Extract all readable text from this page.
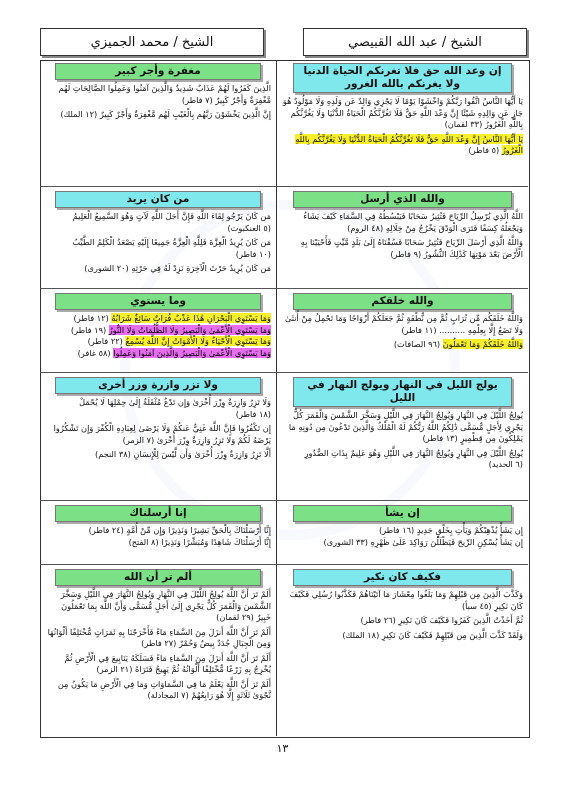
الشيخ / عبد الله القبيصي
الشيخ / محمد الجميزي
إن وعد الله حق فلا تغرنكم الحياة الدنيا ولا يغرنكم بالله الغرور

يَا أَيُّهَا النَّاسُ اتَّقُوا رَبَّكُمْ وَاخْشَوْا يَوْمًا لَا يَجْزِي وَالِدٌ عَن وَلَدِهِ وَلَا مَوْلُودٌ هُوَ جَازٍ عَن وَالِدِهِ شَيْئًا إِنَّ وَعْدَ اللَّهِ حَقٌّ فَلَا تَغُرَّنَّكُمُ الْحَيَاةُ الدُّنْيَا وَلَا يَغُرَّنَّكُم بِاللَّهِ الْغَرُورُ (٣٣ لقمان)

يَا أَيُّهَا النَّاسُ إِنَّ وَعْدَ اللَّهِ حَقٌّ فَلَا تَغُرَّنَّكُمُ الْحَيَاةُ الدُّنْيَا وَلَا يَغُرَّنَّكُم بِاللَّهِ الْغَرُورُ (٥ فاطر)

مغفرة وأجر كبير

الَّذِينَ كَفَرُوا لَهُمْ عَذَابٌ شَدِيدٌ وَالَّذِينَ آمَنُوا وَعَمِلُوا الصَّالِحَاتِ لَهُم مَّغْفِرَةٌ وَأَجْرٌ كَبِيرٌ (٧ فاطر)

إِنَّ الَّذِينَ يَخْشَوْنَ رَبَّهُم بِالْغَيْبِ لَهُم مَّغْفِرَةٌ وَأَجْرٌ كَبِيرٌ (١٢ الملك)

والله الذي أرسل

اللَّهُ الَّذِي يُرْسِلُ الرِّيَاحَ فَتُثِيرُ سَحَابًا فَيَبْسُطُهُ فِي السَّمَاءِ كَيْفَ يَشَاءُ وَيَجْعَلُهُ كِسَفًا فَتَرَى الْوَدْقَ يَخْرُجُ مِنْ خِلَالِهِ (٤٨ الروم)

وَاللَّهُ الَّذِي أَرْسَلَ الرِّيَاحَ فَتُثِيرُ سَحَابًا فَسُقْنَاهُ إِلَىٰ بَلَدٍ مَّيِّتٍ فَأَحْيَيْنَا بِهِ الْأَرْضَ بَعْدَ مَوْتِهَا كَذَٰلِكَ النُّشُورُ (٩ فاطر)

من كان يريد

مَن كَانَ يَرْجُو لِقَاءَ اللَّهِ فَإِنَّ أَجَلَ اللَّهِ لَآتٍ وَهُوَ السَّمِيعُ الْعَلِيمُ (٥ العنكبوت)

مَن كَانَ يُرِيدُ الْعِزَّةَ فَلِلَّهِ الْعِزَّةُ جَمِيعًا إِلَيْهِ يَصْعَدُ الْكَلِمُ الطَّيِّبُ (١٠ فاطر)

مَن كَانَ يُرِيدُ حَرْثَ الْآخِرَةِ نَزِدْ لَهُ فِي حَرْثِهِ (٢٠ الشورى)

والله خلقكم

وَاللَّهُ خَلَقَكُم مِّن تُرَابٍ ثُمَّ مِن نُّطْفَةٍ ثُمَّ جَعَلَكُمْ أَزْوَاجًا وَمَا تَحْمِلُ مِنْ أُنثَىٰ وَلَا تَضَعُ إِلَّا بِعِلْمِهِ .......... (١١ فاطر)

وَاللَّهُ خَلَقَكُمْ وَمَا تَعْمَلُونَ (٩٦ الصافات)

وما يستوي

وَمَا يَسْتَوِي الْبَحْرَانِ هَٰذَا عَذْبٌ فُرَاتٌ سَائِغٌ شَرَابُهُ (١٢ فاطر)

وَمَا يَسْتَوِي الْأَعْمَىٰ وَالْبَصِيرُ وَلَا الظُّلُمَاتُ وَلَا النُّورُ (١٩ فاطر)

وَمَا يَسْتَوِي الْأَحْيَاءُ وَلَا الْأَمْوَاتُ إِنَّ اللَّهَ يُسْمِعُ (٢٢ فاطر)

وَمَا يَسْتَوِي الْأَعْمَىٰ وَالْبَصِيرُ وَالَّذِينَ آمَنُوا وَعَمِلُوا (٥٨ غافر)

يولج الليل في النهار ويولج النهار في الليل

يُولِجُ اللَّيْلَ فِي النَّهَارِ وَيُولِجُ النَّهَارَ فِي اللَّيْلِ وَسَخَّرَ الشَّمْسَ وَالْقَمَرَ كُلٌّ يَجْرِي لِأَجَلٍ مُّسَمًّى ذَٰلِكُمُ اللَّهُ رَبُّكُمْ لَهُ الْمُلْكُ وَالَّذِينَ تَدْعُونَ مِن دُونِهِ مَا يَمْلِكُونَ مِن قِطْمِيرٍ (١٣ فاطر)

يُولِجُ اللَّيْلَ فِي النَّهَارِ وَيُولِجُ النَّهَارَ فِي اللَّيْلِ وَهُوَ عَلِيمٌ بِذَاتِ الصُّدُورِ (٦ الحديد)

ولا تزر وازرة وزر أخرى

وَلَا تَزِرُ وَازِرَةٌ وِزْرَ أُخْرَىٰ وَإِن تَدْعُ مُثْقَلَةٌ إِلَىٰ حِمْلِهَا لَا يُحْمَلْ (١٨ فاطر)

إِن تَكْفُرُوا فَإِنَّ اللَّهَ غَنِيٌّ عَنكُمْ وَلَا يَرْضَىٰ لِعِبَادِهِ الْكُفْرَ وَإِن تَشْكُرُوا يَرْضَهُ لَكُمْ وَلَا تَزِرُ وَازِرَةٌ وِزْرَ أُخْرَىٰ (٧ الزمر)

أَلَّا تَزِرُ وَازِرَةٌ وِزْرَ أُخْرَىٰ وَأَن لَّيْسَ لِلْإِنسَانِ (٣٨ النجم)

إن يشأ

إِن يَشَأْ يُذْهِبْكُمْ وَيَأْتِ بِخَلْقٍ جَدِيدٍ (١٦ فاطر)

إِن يَشَأْ يُسْكِنِ الرِّيحَ فَيَظْلَلْنَ رَوَاكِدَ عَلَىٰ ظَهْرِهِ (٣٣ الشورى)

إنا أرسلناك

إِنَّا أَرْسَلْنَاكَ بِالْحَقِّ بَشِيرًا وَنَذِيرًا وَإِن مِّنْ أُمَّةٍ (٢٤ فاطر)

إِنَّا أَرْسَلْنَاكَ شَاهِدًا وَمُبَشِّرًا وَنَذِيرًا (٨ الفتح)

فكيف كان نكير

وَكَذَّبَ الَّذِينَ مِن قَبْلِهِمْ وَمَا بَلَغُوا مِعْشَارَ مَا آتَيْنَاهُمْ فَكَذَّبُوا رُسُلِي فَكَيْفَ كَانَ نَكِيرِ (٤٥ سبأ)

ثُمَّ أَخَذْتُ الَّذِينَ كَفَرُوا فَكَيْفَ كَانَ نَكِيرِ (٢٦ فاطر)

وَلَقَدْ كَذَّبَ الَّذِينَ مِن قَبْلِهِمْ فَكَيْفَ كَانَ نَكِيرِ (١٨ الملك)

ألم تر أن الله

أَلَمْ تَرَ أَنَّ اللَّهَ يُولِجُ اللَّيْلَ فِي النَّهَارِ وَيُولِجُ النَّهَارَ فِي اللَّيْلِ وَسَخَّرَ الشَّمْسَ وَالْقَمَرَ كُلٌّ يَجْرِي إِلَىٰ أَجَلٍ مُّسَمًّى وَأَنَّ اللَّهَ بِمَا تَعْمَلُونَ خَبِيرٌ (٢٩ لقمان)

أَلَمْ تَرَ أَنَّ اللَّهَ أَنزَلَ مِنَ السَّمَاءِ مَاءً فَأَخْرَجْنَا بِهِ ثَمَرَاتٍ مُّخْتَلِفًا أَلْوَانُهَا وَمِنَ الْجِبَالِ جُدَدٌ بِيضٌ وَحُمْرٌ (٢٧ فاطر)

أَلَمْ تَرَ أَنَّ اللَّهَ أَنزَلَ مِنَ السَّمَاءِ مَاءً فَسَلَكَهُ يَنَابِيعَ فِي الْأَرْضِ ثُمَّ يُخْرِجُ بِهِ زَرْعًا مُّخْتَلِفًا أَلْوَانُهُ ثُمَّ يَهِيجُ فَتَرَاهُ (٢١ الزمر)

أَلَمْ تَرَ أَنَّ اللَّهَ يَعْلَمُ مَا فِي السَّمَاوَاتِ وَمَا فِي الْأَرْضِ مَا يَكُونُ مِن نَّجْوَىٰ ثَلَاثَةٍ إِلَّا هُوَ رَابِعُهُمْ (٧ المجادلة)

١٣
